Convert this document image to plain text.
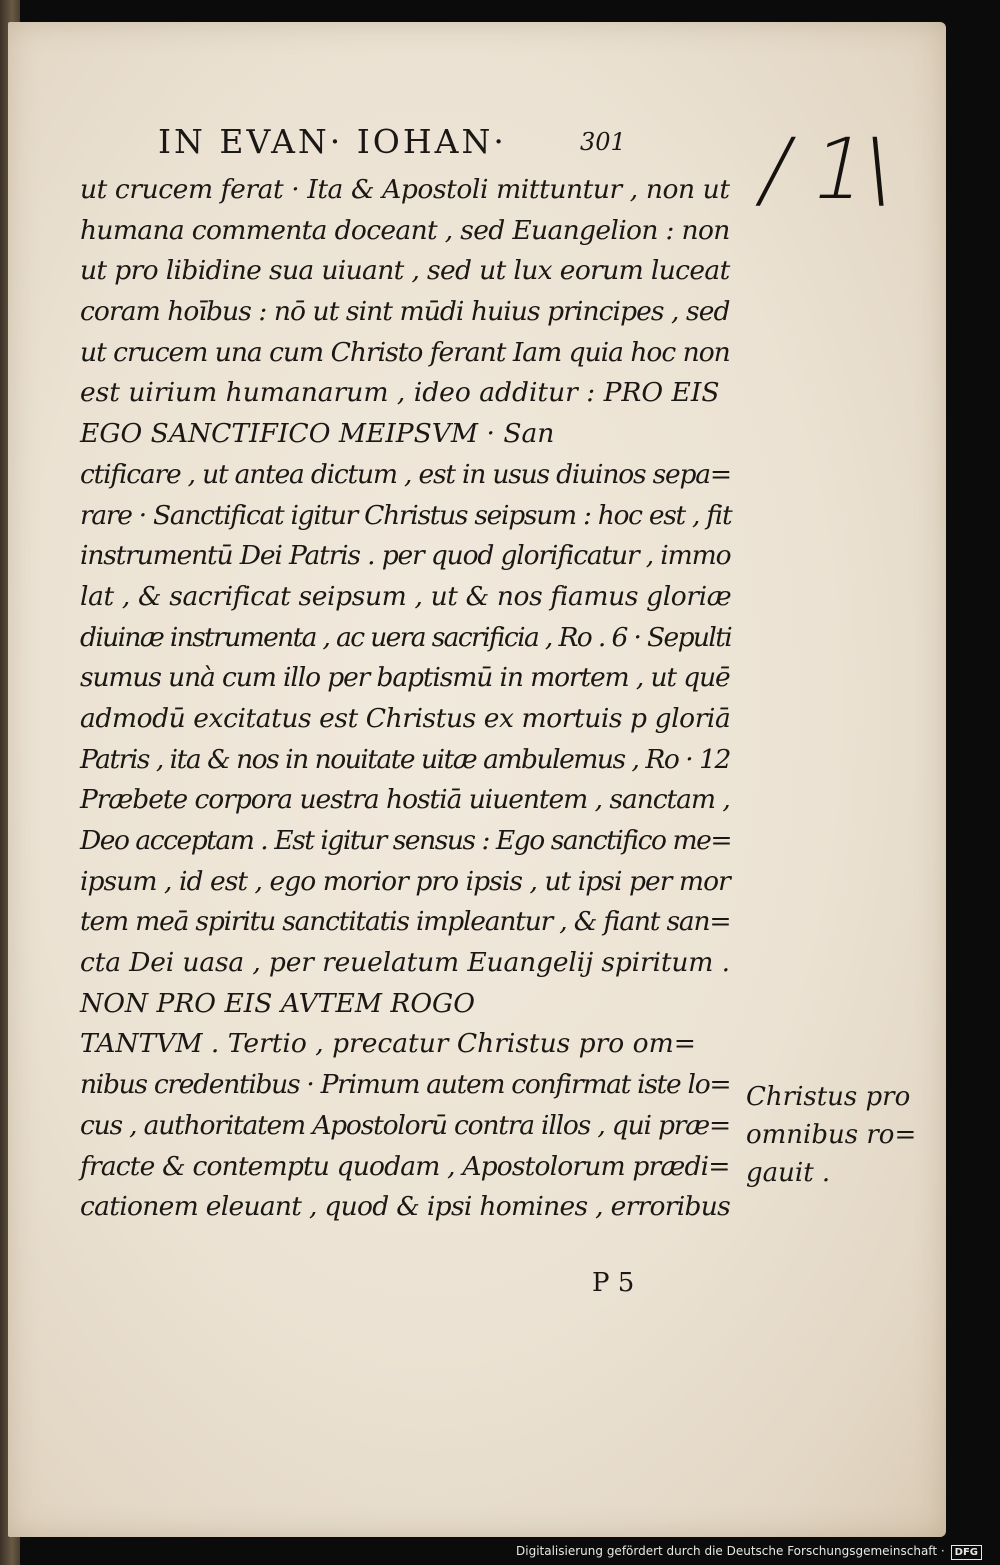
IN EVAN· IOHAN·	301 / 1\
ut crucem ferat · Ita & Apostoli mittuntur , non ut
humana commenta doceant , sed Euangelion : non
ut pro libidine sua uiuant , sed ut lux eorum luceat
coram hoībus : nō ut sint mūdi huius principes , sed
ut crucem una cum Christo ferant Iam quia hoc non
est uirium humanarum , ideo additur : PRO EIS
EGO SANCTIFICO MEIPSVM · San
ctificare , ut antea dictum , est in usus diuinos sepa=
rare · Sanctificat igitur Christus seipsum : hoc est , fit
instrumentū Dei Patris . per quod glorificatur , immo
lat , & sacrificat seipsum , ut & nos fiamus gloriæ
diuinæ instrumenta , ac uera sacrificia , Ro . 6 · Sepulti
sumus unà cum illo per baptismū in mortem , ut quē
admodū excitatus est Christus ex mortuis p gloriā
Patris , ita & nos in nouitate uitæ ambulemus , Ro · 12
Præbete corpora uestra hostiā uiuentem , sanctam ,
Deo acceptam . Est igitur sensus : Ego sanctifico me=
ipsum , id est , ego morior pro ipsis , ut ipsi per mor
tem meā spiritu sanctitatis impleantur , & fiant san=
cta Dei uasa , per reuelatum Euangelij spiritum .
NON PRO EIS AVTEM ROGO
TANTVM . Tertio , precatur Christus pro om=
nibus credentibus · Primum autem confirmat iste lo=
cus , authoritatem Apostolorū contra illos , qui præ=
fracte & contemptu quodam , Apostolorum prædi=
cationem eleuant , quod & ipsi homines , erroribus
Christus pro
omnibus ro=
gauit .
P 5
Digitalisierung gefördert durch die Deutsche Forschungsgemeinschaft · DFG
